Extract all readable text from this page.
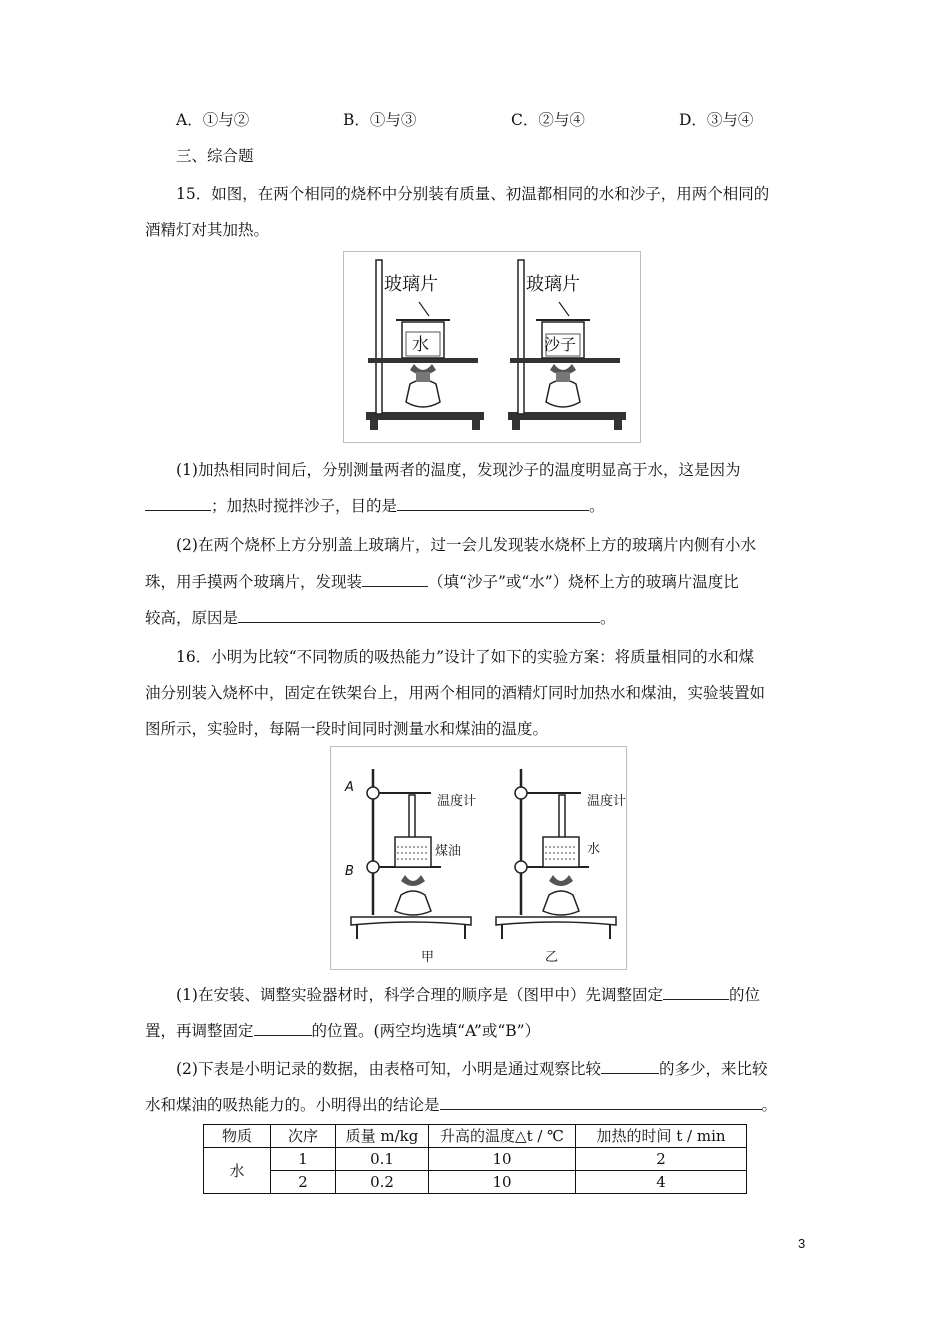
A．①与②	B．①与③	C．②与④	D．③与④
三、综合题
15．如图，在两个相同的烧杯中分别装有质量、初温都相同的水和沙子，用两个相同的
酒精灯对其加热。
玻璃片
水
玻璃片
沙子
(1)加热相同时间后，分别测量两者的温度，发现沙子的温度明显高于水，这是因为
；加热时搅拌沙子，目的是	。
(2)在两个烧杯上方分别盖上玻璃片，过一会儿发现装水烧杯上方的玻璃片内侧有小水
珠，用手摸两个玻璃片，发现装	（填“沙子”或“水”）烧杯上方的玻璃片温度比
较高，原因是	。
16．小明为比较“不同物质的吸热能力”设计了如下的实验方案：将质量相同的水和煤
油分别装入烧杯中，固定在铁架台上，用两个相同的酒精灯同时加热水和煤油，实验装置如
图所示，实验时，每隔一段时间同时测量水和煤油的温度。
A
B
温度计
煤油
甲
温度计
水
乙
(1)在安装、调整实验器材时，科学合理的顺序是（图甲中）先调整固定	的位
置，再调整固定	的位置。(两空均选填“A”或“B”）
(2)下表是小明记录的数据，由表格可知，小明是通过观察比较	的多少，来比较
水和煤油的吸热能力的。小明得出的结论是	。
物质	次序	质量 m/kg	升高的温度△t / ℃	加热的时间 t / min
水	1	0.1	10	2
	2	0.2	10	4
3
